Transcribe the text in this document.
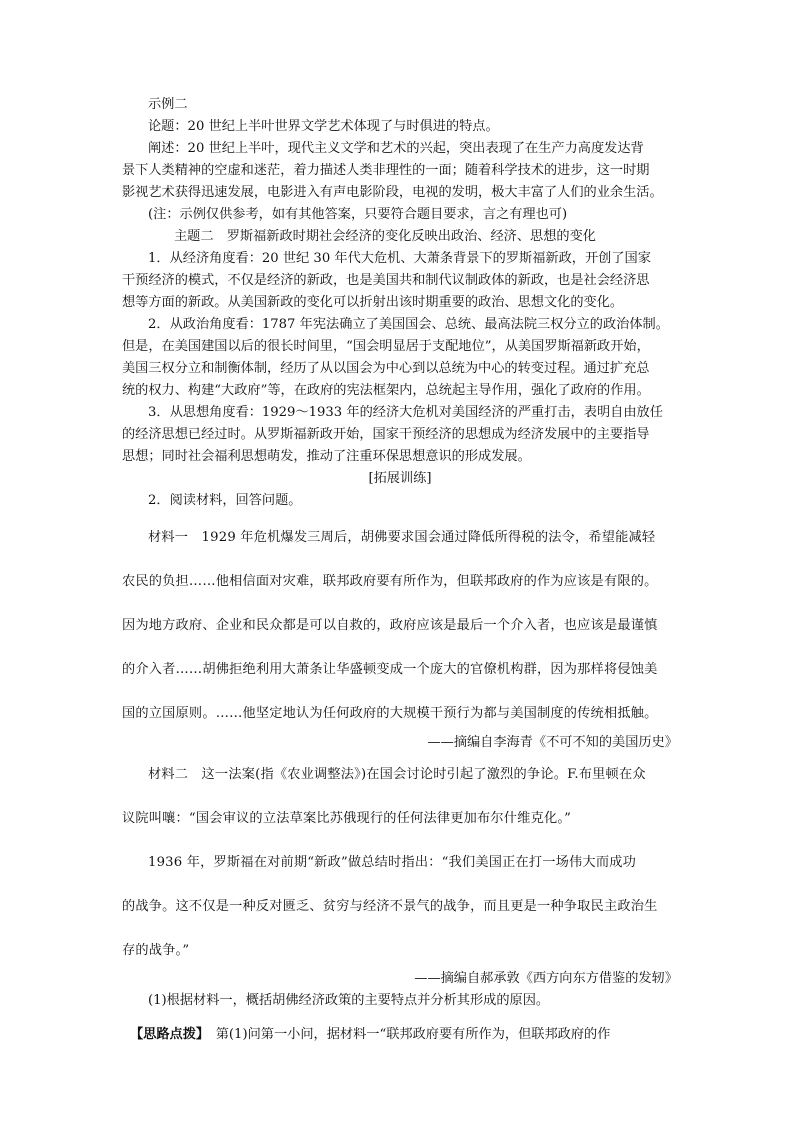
示例二
论题：20 世纪上半叶世界文学艺术体现了与时俱进的特点。
阐述：20 世纪上半叶，现代主义文学和艺术的兴起，突出表现了在生产力高度发达背
景下人类精神的空虚和迷茫，着力描述人类非理性的一面；随着科学技术的进步，这一时期
影视艺术获得迅速发展，电影进入有声电影阶段，电视的发明，极大丰富了人们的业余生活。
(注：示例仅供参考，如有其他答案，只要符合题目要求，言之有理也可)
主题二　罗斯福新政时期社会经济的变化反映出政治、经济、思想的变化
1．从经济角度看：20 世纪 30 年代大危机、大萧条背景下的罗斯福新政，开创了国家
干预经济的模式，不仅是经济的新政，也是美国共和制代议制政体的新政，也是社会经济思
想等方面的新政。从美国新政的变化可以折射出该时期重要的政治、思想文化的变化。
2．从政治角度看：1787 年宪法确立了美国国会、总统、最高法院三权分立的政治体制。
但是，在美国建国以后的很长时间里，“国会明显居于支配地位”，从美国罗斯福新政开始，
美国三权分立和制衡体制，经历了从以国会为中心到以总统为中心的转变过程。通过扩充总
统的权力、构建“大政府”等，在政府的宪法框架内，总统起主导作用，强化了政府的作用。
3．从思想角度看：1929～1933 年的经济大危机对美国经济的严重打击，表明自由放任
的经济思想已经过时。从罗斯福新政开始，国家干预经济的思想成为经济发展中的主要指导
思想；同时社会福利思想萌发，推动了注重环保思想意识的形成发展。
[拓展训练]
2．阅读材料，回答问题。
材料一　1929 年危机爆发三周后，胡佛要求国会通过降低所得税的法令，希望能减轻
农民的负担……他相信面对灾难，联邦政府要有所作为，但联邦政府的作为应该是有限的。
因为地方政府、企业和民众都是可以自救的，政府应该是最后一个介入者，也应该是最谨慎
的介入者……胡佛拒绝利用大萧条让华盛顿变成一个庞大的官僚机构群，因为那样将侵蚀美
国的立国原则。……他坚定地认为任何政府的大规模干预行为都与美国制度的传统相抵触。
——摘编自李海青《不可不知的美国历史》
材料二　这一法案(指《农业调整法》)在国会讨论时引起了激烈的争论。F.布里顿在众
议院叫嚷：“国会审议的立法草案比苏俄现行的任何法律更加布尔什维克化。”
1936 年，罗斯福在对前期“新政”做总结时指出：“我们美国正在打一场伟大而成功
的战争。这不仅是一种反对匮乏、贫穷与经济不景气的战争，而且更是一种争取民主政治生
存的战争。”
——摘编自郝承敦《西方向东方借鉴的发轫》
(1)根据材料一，概括胡佛经济政策的主要特点并分析其形成的原因。
【思路点拨】　第(1)问第一小问，据材料一“联邦政府要有所作为，但联邦政府的作
